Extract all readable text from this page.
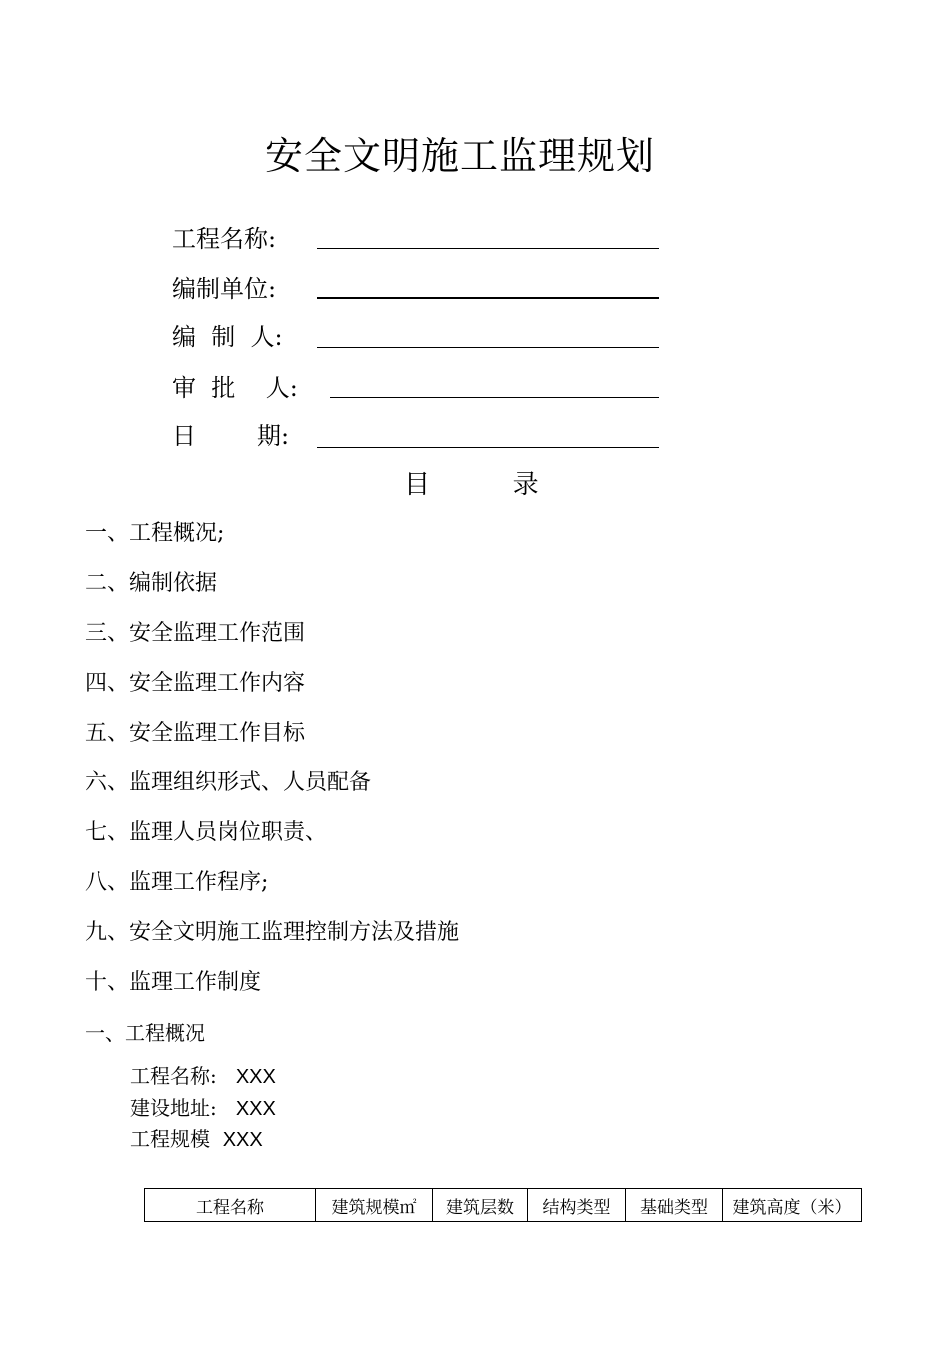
安全文明施工监理规划
工程名称:
编制单位:
编  制  人:
审  批    人:
日        期:
目          录
一、工程概况;
二、编制依据
三、安全监理工作范围
四、安全监理工作内容
五、安全监理工作目标
六、监理组织形式、人员配备
七、监理人员岗位职责、
八、监理工作程序;
九、安全文明施工监理控制方法及措施
十、监理工作制度
一、工程概况
工程名称: XXX
建设地址: XXX
工程规模 XXX
工程名称	建筑规模㎡	建筑层数	结构类型	基础类型	建筑高度（米）
